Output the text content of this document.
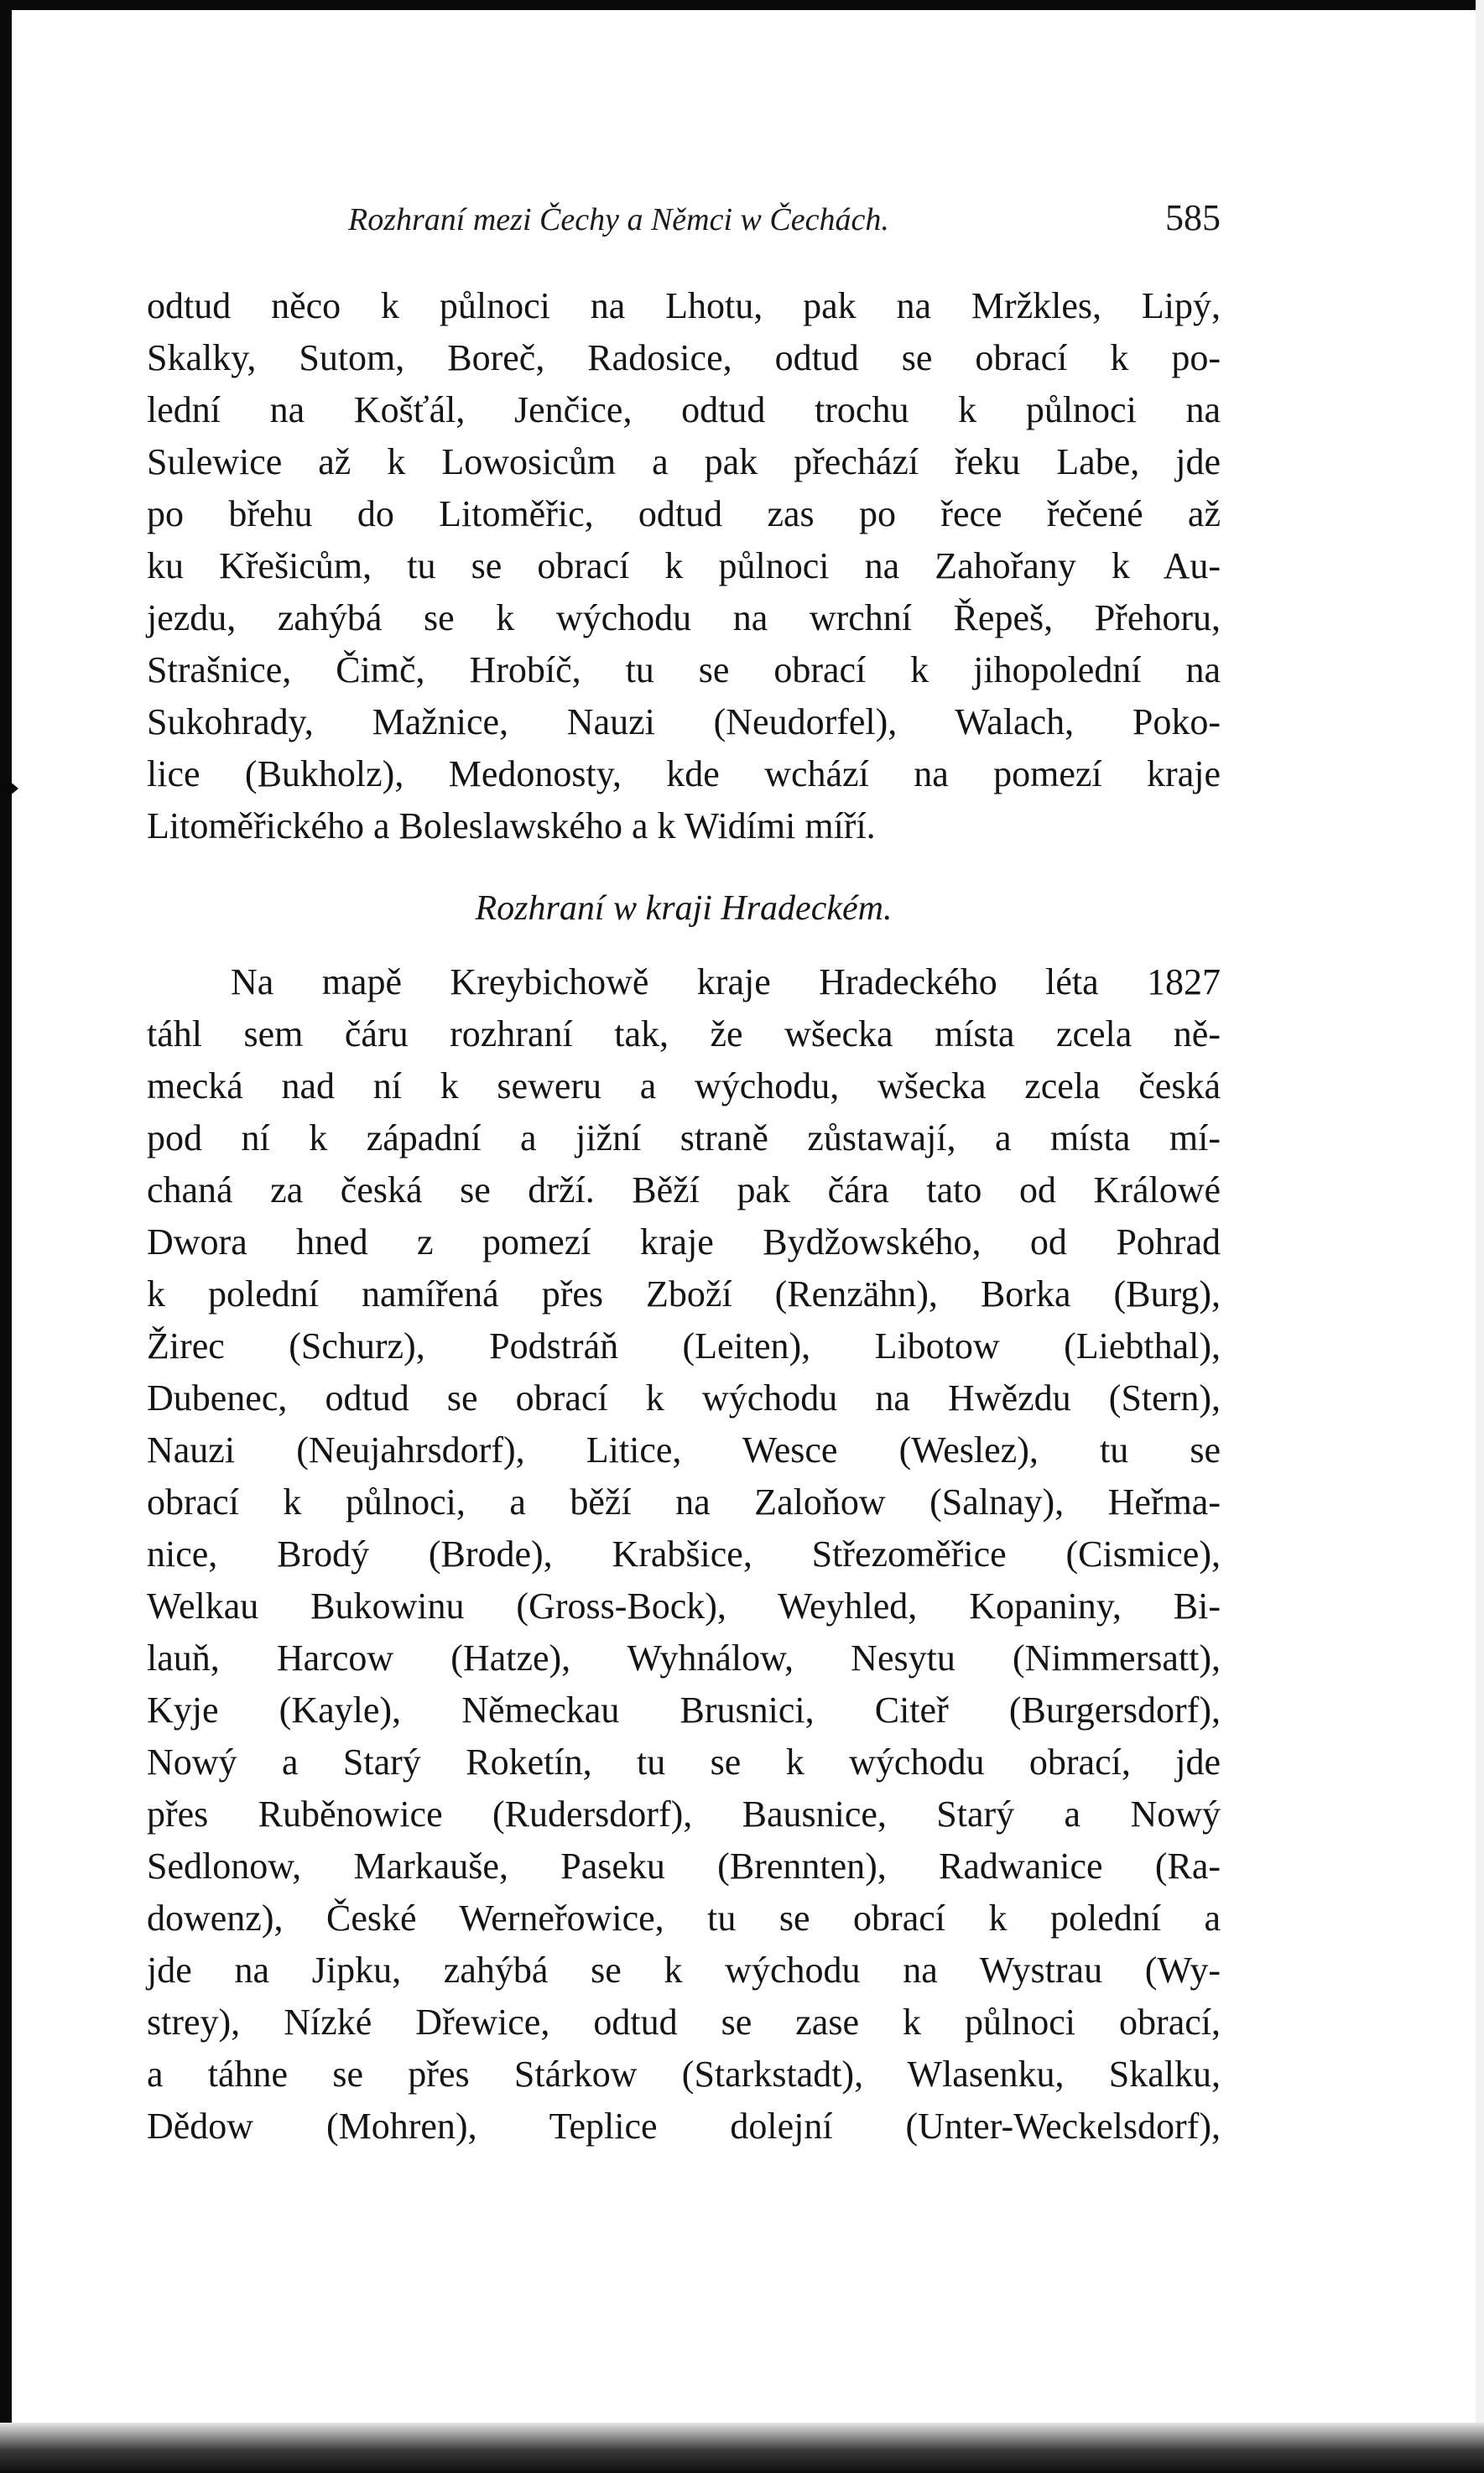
Rozhraní mezi Čechy a Němci w Čechách.	585
odtud něco k půlnoci na Lhotu, pak na Mržkles, Lipý,
Skalky, Sutom, Boreč, Radosice, odtud se obrací k po-
lední na Košťál, Jenčice, odtud trochu k půlnoci na
Sulewice až k Lowosicům a pak přechází řeku Labe, jde
po břehu do Litoměřic, odtud zas po řece řečené až
ku Křešicům, tu se obrací k půlnoci na Zahořany k Au-
jezdu, zahýbá se k wýchodu na wrchní Řepeš, Přehoru,
Strašnice, Čimč, Hrobíč, tu se obrací k jihopolední na
Sukohrady, Mažnice, Nauzi (Neudorfel), Walach, Poko-
lice (Bukholz), Medonosty, kde wchází na pomezí kraje
Litoměřického a Boleslawského a k Widími míří.
Rozhraní w kraji Hradeckém.
Na mapě Kreybichowě kraje Hradeckého léta 1827
táhl sem čáru rozhraní tak, že wšecka místa zcela ně-
mecká nad ní k seweru a wýchodu, wšecka zcela česká
pod ní k západní a jižní straně zůstawají, a místa mí-
chaná za česká se drží. Běží pak čára tato od Králowé
Dwora hned z pomezí kraje Bydžowského, od Pohrad
k polední namířená přes Zboží (Renzähn), Borka (Burg),
Žirec (Schurz), Podstráň (Leiten), Libotow (Liebthal),
Dubenec, odtud se obrací k wýchodu na Hwězdu (Stern),
Nauzi (Neujahrsdorf), Litice, Wesce (Weslez), tu se
obrací k půlnoci, a běží na Zaloňow (Salnay), Heřma-
nice, Brodý (Brode), Krabšice, Střezoměřice (Cismice),
Welkau Bukowinu (Gross-Bock), Weyhled, Kopaniny, Bi-
lauň, Harcow (Hatze), Wyhnálow, Nesytu (Nimmersatt),
Kyje (Kayle), Německau Brusnici, Citeř (Burgersdorf),
Nowý a Starý Roketín, tu se k wýchodu obrací, jde
přes Ruběnowice (Rudersdorf), Bausnice, Starý a Nowý
Sedlonow, Markauše, Paseku (Brennten), Radwanice (Ra-
dowenz), České Werneřowice, tu se obrací k polední a
jde na Jipku, zahýbá se k wýchodu na Wystrau (Wy-
strey), Nízké Dřewice, odtud se zase k půlnoci obrací,
a táhne se přes Stárkow (Starkstadt), Wlasenku, Skalku,
Dědow (Mohren), Teplice dolejní (Unter-Weckelsdorf),
